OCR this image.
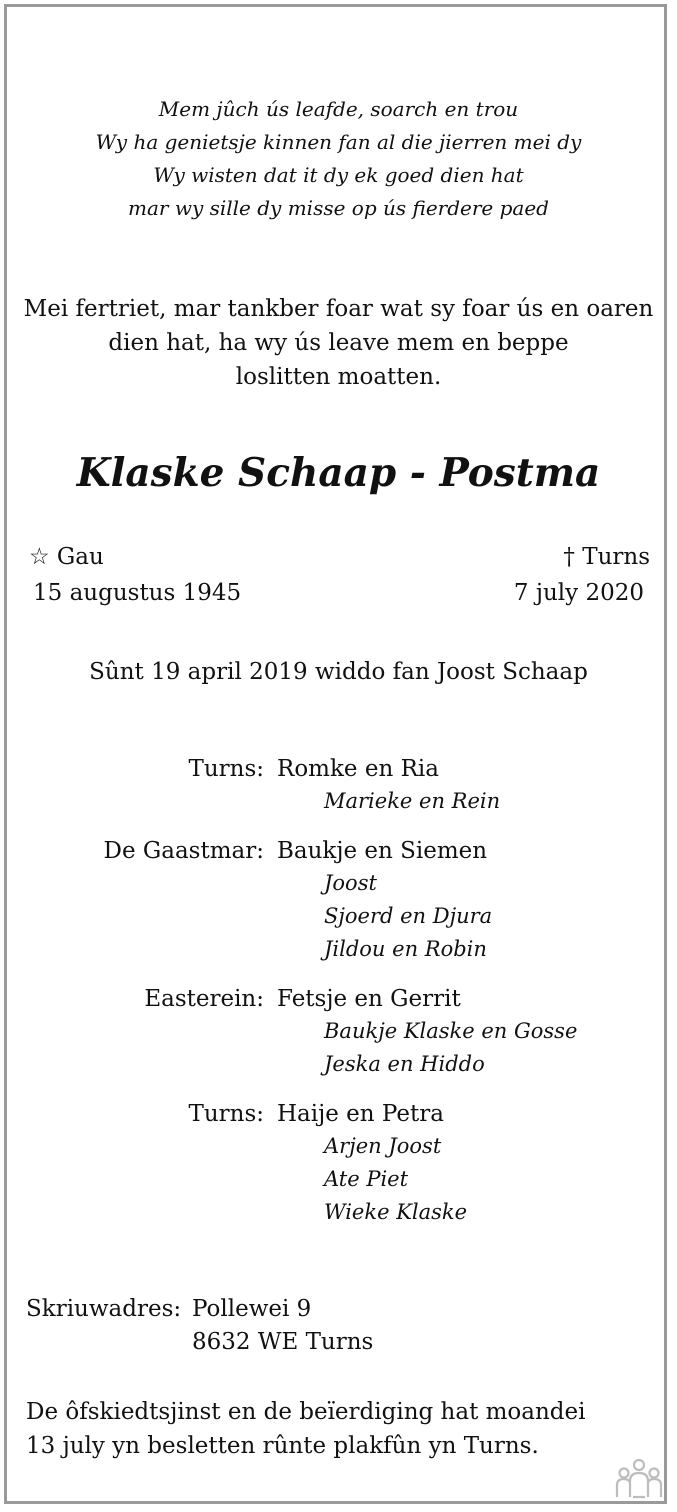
Mem jûch ús leafde, soarch en trou
Wy ha genietsje kinnen fan al die jierren mei dy
Wy wisten dat it dy ek goed dien hat
mar wy sille dy misse op ús fierdere paed
Mei fertriet, mar tankber foar wat sy foar ús en oaren
dien hat, ha wy ús leave mem en beppe
loslitten moatten.
Klaske Schaap - Postma
☆ Gau
15 augustus 1945
† Turns
7 july 2020
Sûnt 19 april 2019 widdo fan Joost Schaap
Turns: Romke en Ria
Marieke en Rein
De Gaastmar: Baukje en Siemen
Joost
Sjoerd en Djura
Jildou en Robin
Easterein: Fetsje en Gerrit
Baukje Klaske en Gosse
Jeska en Hiddo
Turns: Haije en Petra
Arjen Joost
Ate Piet
Wieke Klaske
Skriuwadres: Pollewei 9
8632 WE Turns
De ôfskiedtsjinst en de beïerdiging hat moandei
13 july yn besletten rûnte plakfûn yn Turns.
